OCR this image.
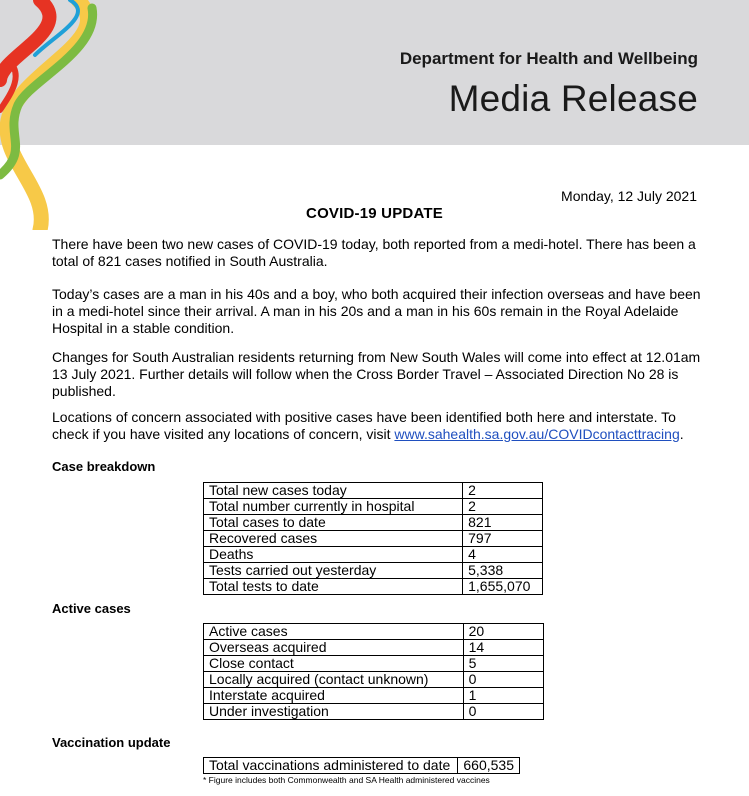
Department for Health and Wellbeing
Media Release
Monday, 12 July 2021
COVID-19 UPDATE
There have been two new cases of COVID-19 today, both reported from a medi-hotel. There has been a total of 821 cases notified in South Australia.
Today’s cases are a man in his 40s and a boy, who both acquired their infection overseas and have been in a medi-hotel since their arrival. A man in his 20s and a man in his 60s remain in the Royal Adelaide Hospital in a stable condition.
Changes for South Australian residents returning from New South Wales will come into effect at 12.01am 13 July 2021. Further details will follow when the Cross Border Travel – Associated Direction No 28 is published.
Locations of concern associated with positive cases have been identified both here and interstate. To check if you have visited any locations of concern, visit www.sahealth.sa.gov.au/COVIDcontacttracing.
Case breakdown
Total new cases today	2
Total number currently in hospital	2
Total cases to date	821
Recovered cases	797
Deaths	4
Tests carried out yesterday	5,338
Total tests to date	1,655,070
Active cases
Active cases	20
Overseas acquired	14
Close contact	5
Locally acquired (contact unknown)	0
Interstate acquired	1
Under investigation	0
Vaccination update
Total vaccinations administered to date	660,535
* Figure includes both Commonwealth and SA Health administered vaccines
